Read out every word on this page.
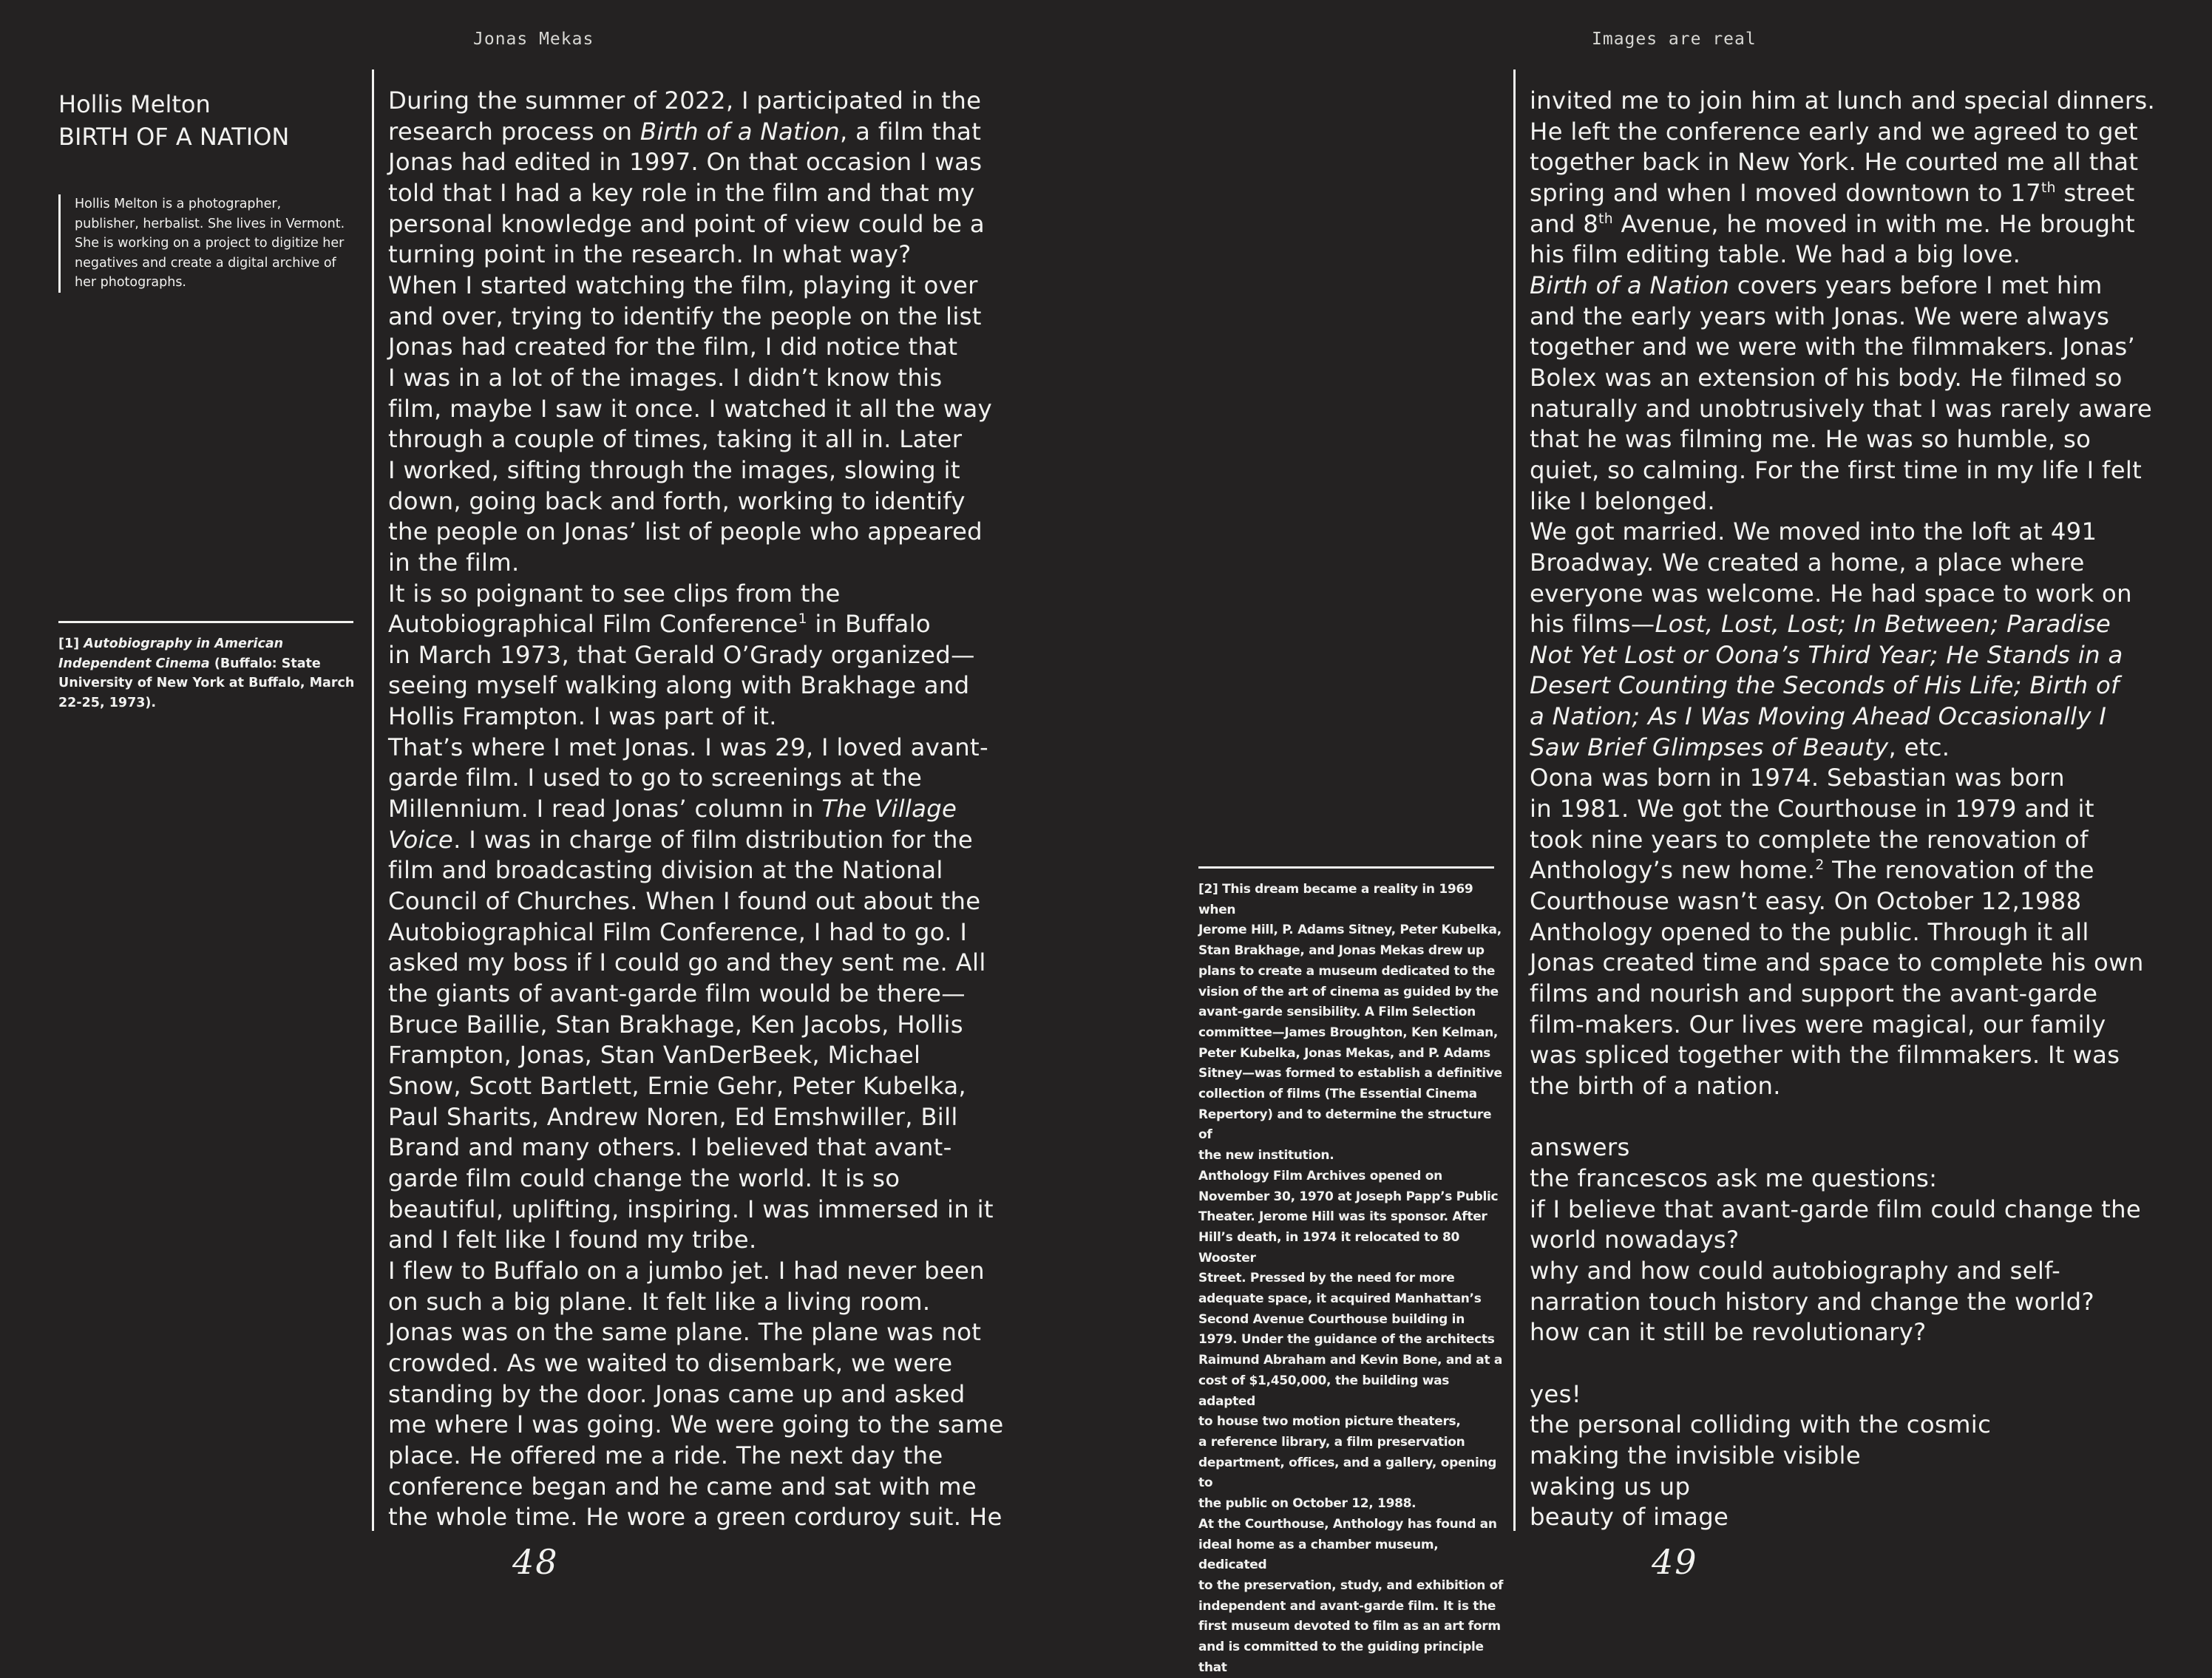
Jonas Mekas	Images are real
Hollis Melton
BIRTH OF A NATION
Hollis Melton is a photographer,
publisher, herbalist. She lives in Vermont.
She is working on a project to digitize her
negatives and create a digital archive of
her photographs.
[1] Autobiography in American Independent Cinema (Buffalo: State University of New York at Buffalo, March 22-25, 1973).

During the summer of 2022, I participated in the

research process on Birth of a Nation, a film that

Jonas had edited in 1997. On that occasion I was

told that I had a key role in the film and that my

personal knowledge and point of view could be a

turning point in the research. In what way?

When I started watching the film, playing it over

and over, trying to identify the people on the list

Jonas had created for the film, I did notice that

I was in a lot of the images. I didn’t know this

film, maybe I saw it once. I watched it all the way

through a couple of times, taking it all in. Later

I worked, sifting through the images, slowing it

down, going back and forth, working to identify

the people on Jonas’ list of people who appeared

in the film.

It is so poignant to see clips from the

Autobiographical Film Conference$^1$ in Buffalo

in March 1973, that Gerald O’Grady organized—

seeing myself walking along with Brakhage and

Hollis Frampton. I was part of it.

That’s where I met Jonas. I was 29, I loved avant-

garde film. I used to go to screenings at the

Millennium. I read Jonas’ column in The Village

Voice. I was in charge of film distribution for the

film and broadcasting division at the National

Council of Churches. When I found out about the

Autobiographical Film Conference, I had to go. I

asked my boss if I could go and they sent me. All

the giants of avant-garde film would be there—

Bruce Baillie, Stan Brakhage, Ken Jacobs, Hollis

Frampton, Jonas, Stan VanDerBeek, Michael

Snow, Scott Bartlett, Ernie Gehr, Peter Kubelka,

Paul Sharits, Andrew Noren, Ed Emshwiller, Bill

Brand and many others. I believed that avant-

garde film could change the world. It is so

beautiful, uplifting, inspiring. I was immersed in it

and I felt like I found my tribe.

I flew to Buffalo on a jumbo jet. I had never been

on such a big plane. It felt like a living room.

Jonas was on the same plane. The plane was not

crowded. As we waited to disembark, we were

standing by the door. Jonas came up and asked

me where I was going. We were going to the same

place. He offered me a ride. The next day the

conference began and he came and sat with me

the whole time. He wore a green corduroy suit. He

48
[2] This dream became a reality in 1969 when
Jerome Hill, P. Adams Sitney, Peter Kubelka,
Stan Brakhage, and Jonas Mekas drew up
plans to create a museum dedicated to the
vision of the art of cinema as guided by the
avant-garde sensibility. A Film Selection
committee—James Broughton, Ken Kelman,
Peter Kubelka, Jonas Mekas, and P. Adams
Sitney—was formed to establish a definitive
collection of films (The Essential Cinema
Repertory) and to determine the structure of
the new institution.
Anthology Film Archives opened on
November 30, 1970 at Joseph Papp’s Public
Theater. Jerome Hill was its sponsor. After
Hill’s death, in 1974 it relocated to 80 Wooster
Street. Pressed by the need for more
adequate space, it acquired Manhattan’s
Second Avenue Courthouse building in
1979. Under the guidance of the architects
Raimund Abraham and Kevin Bone, and at a
cost of $1,450,000, the building was adapted
to house two motion picture theaters,
a reference library, a film preservation
department, offices, and a gallery, opening to
the public on October 12, 1988.
At the Courthouse, Anthology has found an
ideal home as a chamber museum, dedicated
to the preservation, study, and exhibition of
independent and avant-garde film. It is the
first museum devoted to film as an art form
and is committed to the guiding principle that

invited me to join him at lunch and special dinners.

He left the conference early and we agreed to get

together back in New York. He courted me all that

spring and when I moved downtown to 17th street

and 8th Avenue, he moved in with me. He brought

his film editing table. We had a big love.

Birth of a Nation covers years before I met him

and the early years with Jonas. We were always

together and we were with the filmmakers. Jonas’

Bolex was an extension of his body. He filmed so

naturally and unobtrusively that I was rarely aware

that he was filming me. He was so humble, so

quiet, so calming. For the first time in my life I felt

like I belonged.

We got married. We moved into the loft at 491

Broadway. We created a home, a place where

everyone was welcome. He had space to work on

his films—Lost, Lost, Lost; In Between; Paradise

Not Yet Lost or Oona’s Third Year; He Stands in a

Desert Counting the Seconds of His Life; Birth of

a Nation; As I Was Moving Ahead Occasionally I

Saw Brief Glimpses of Beauty, etc.

Oona was born in 1974. Sebastian was born

in 1981. We got the Courthouse in 1979 and it

took nine years to complete the renovation of

Anthology’s new home.$^2$ The renovation of the

Courthouse wasn’t easy. On October 12,1988

Anthology opened to the public. Through it all

Jonas created time and space to complete his own

films and nourish and support the avant-garde

film-makers. Our lives were magical, our family

was spliced together with the filmmakers. It was

the birth of a nation.

answers

the francescos ask me questions:

if I believe that avant-garde film could change the

world nowadays?

why and how could autobiography and self-

narration touch history and change the world?

how can it still be revolutionary?

yes!

the personal colliding with the cosmic

making the invisible visible

waking us up

beauty of image

49
